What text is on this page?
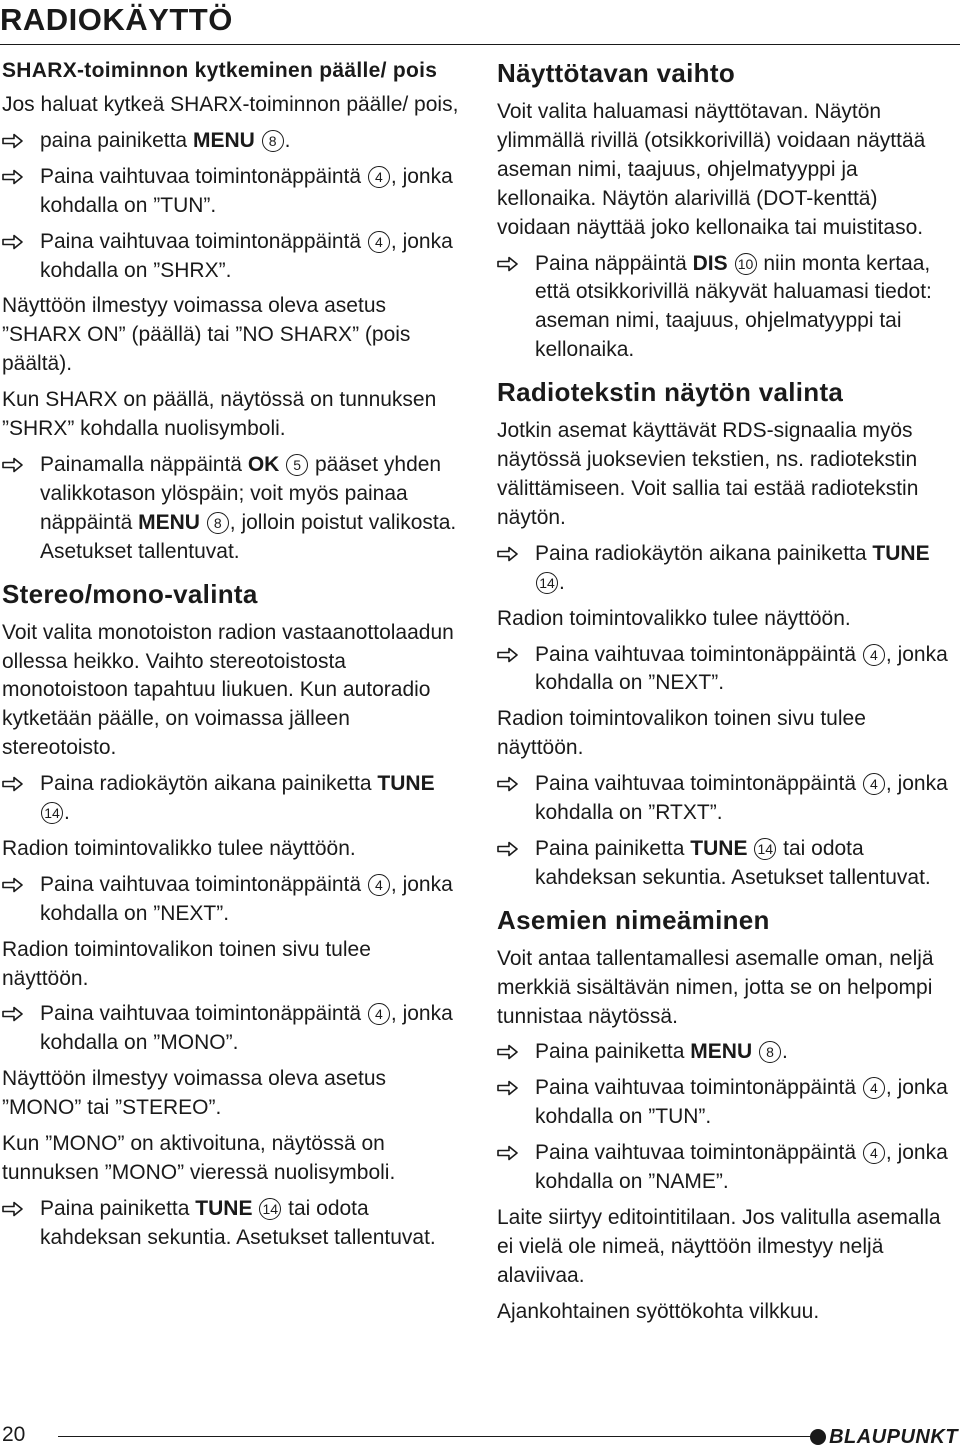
RADIOKÄYTTÖ
SHARX-toiminnon kytkeminen päälle/ pois

Jos haluat kytkeä SHARX-toiminnon päälle/ pois,

paina painiketta MENU 8 .
Paina vaihtuvaa toimintonäppäintä 4 , jonka kohdalla on ”TUN”.
Paina vaihtuvaa toimintonäppäintä 4 , jonka kohdalla on ”SHRX”.

Näyttöön ilmestyy voimassa oleva asetus ”SHARX ON” (päällä) tai ”NO SHARX” (pois päältä).

Kun SHARX on päällä, näytössä on tunnuksen ”SHRX” kohdalla nuolisymboli.

Painamalla näppäintä OK 5 pääset yhden valikkotason ylöspäin; voit myös painaa näppäintä MENU 8 , jolloin poistut valikosta. Asetukset tallentuvat.
Stereo/mono-valinta

Voit valita monotoiston radion vastaanottolaadun ollessa heikko. Vaihto stereotoistosta monotoistoon tapahtuu liukuen. Kun autoradio kytketään päälle, on voimassa jälleen stereotoisto.

Paina radiokäytön aikana painiketta TUNE 14 .

Radion toimintovalikko tulee näyttöön.

Paina vaihtuvaa toimintonäppäintä 4 , jonka kohdalla on ”NEXT”.

Radion toimintovalikon toinen sivu tulee näyttöön.

Paina vaihtuvaa toimintonäppäintä 4 , jonka kohdalla on ”MONO”.

Näyttöön ilmestyy voimassa oleva asetus ”MONO” tai ”STEREO”.

Kun ”MONO” on aktivoituna, näytössä on tunnuksen ”MONO” vieressä nuolisymboli.

Paina painiketta TUNE 14 tai odota kahdeksan sekuntia. Asetukset tallentuvat.
Näyttötavan vaihto

Voit valita haluamasi näyttötavan. Näytön ylimmällä rivillä (otsikkorivillä) voidaan näyttää aseman nimi, taajuus, ohjelmatyyppi ja kellonaika. Näytön alarivillä (DOT-kenttä) voidaan näyttää joko kellonaika tai muistitaso.

Paina näppäintä DIS 10 niin monta kertaa, että otsikkorivillä näkyvät haluamasi tiedot: aseman nimi, taajuus, ohjelmatyyppi tai kellonaika.
Radiotekstin näytön valinta

Jotkin asemat käyttävät RDS-signaalia myös näytössä juoksevien tekstien, ns. radiotekstin välittämiseen. Voit sallia tai estää radiotekstin näytön.

Paina radiokäytön aikana painiketta TUNE 14 .

Radion toimintovalikko tulee näyttöön.

Paina vaihtuvaa toimintonäppäintä 4 , jonka kohdalla on ”NEXT”.

Radion toimintovalikon toinen sivu tulee näyttöön.

Paina vaihtuvaa toimintonäppäintä 4 , jonka kohdalla on ”RTXT”.
Paina painiketta TUNE 14 tai odota kahdeksan sekuntia. Asetukset tallentuvat.
Asemien nimeäminen

Voit antaa tallentamallesi asemalle oman, neljä merkkiä sisältävän nimen, jotta se on helpompi tunnistaa näytössä.

Paina painiketta MENU 8 .
Paina vaihtuvaa toimintonäppäintä 4 , jonka kohdalla on ”TUN”.
Paina vaihtuvaa toimintonäppäintä 4 , jonka kohdalla on ”NAME”.

Laite siirtyy editointitilaan. Jos valitulla asemalla ei vielä ole nimeä, näyttöön ilmestyy neljä alaviivaa.

Ajankohtainen syöttökohta vilkkuu.

20	BLAUPUNKT
